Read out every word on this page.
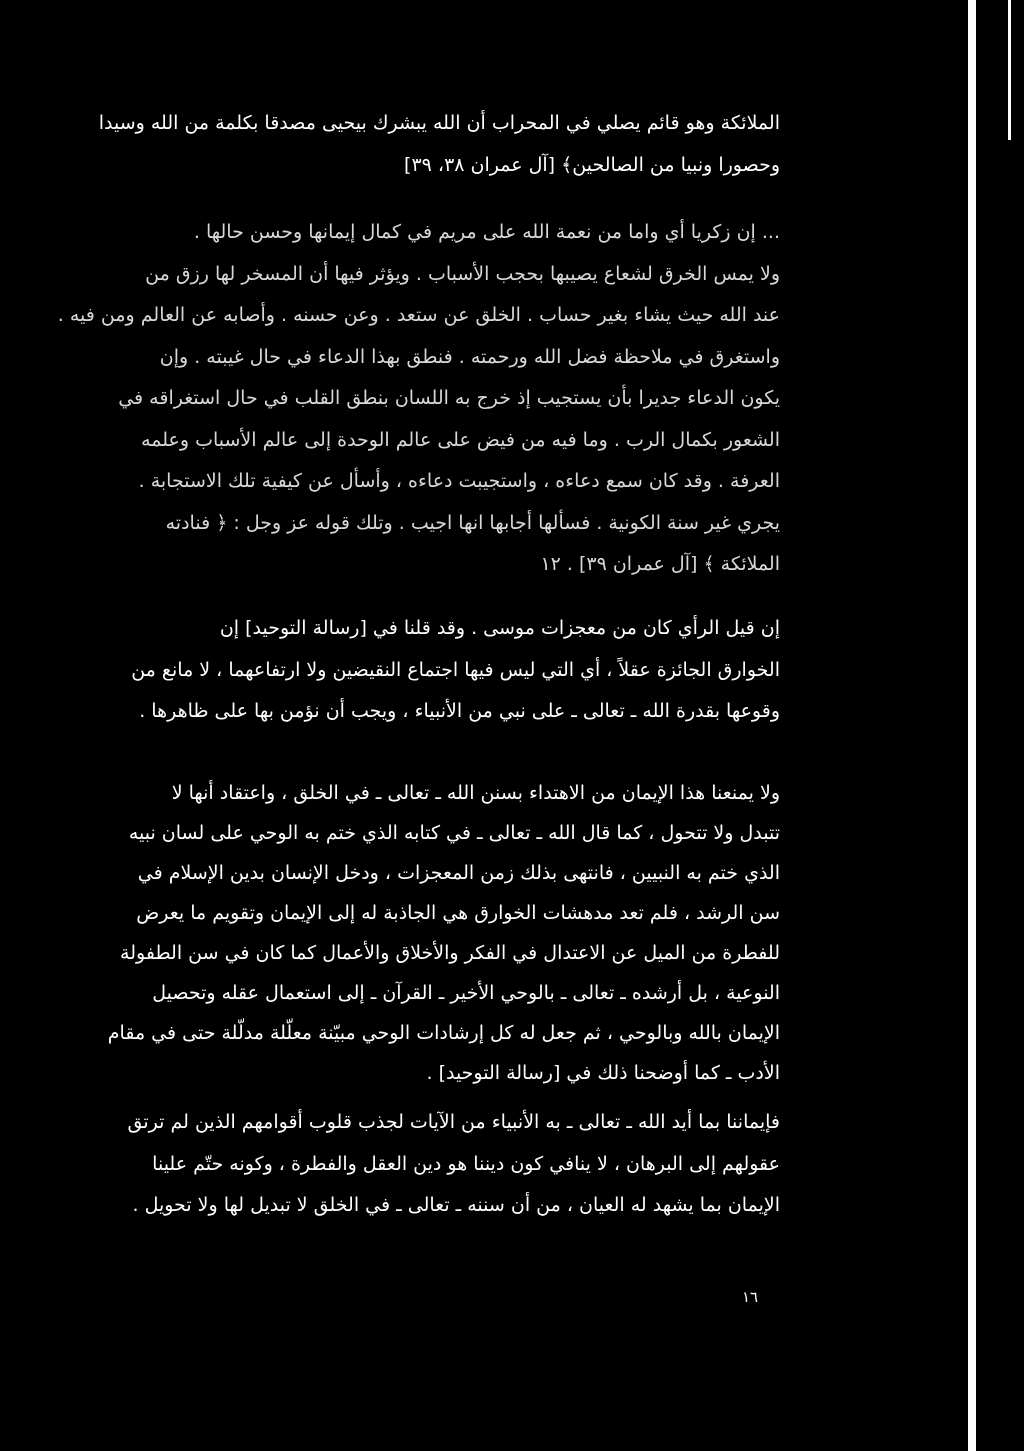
الملائكة وهو قائم يصلي في المحراب أن الله يبشرك بيحيى مصدقا بكلمة من الله وسيدا
وحصورا ونبيا من الصالحين﴾ [آل عمران ۳۸، ۳۹]
... إن زكريا أي واما من نعمة الله على مريم في كمال إيمانها وحسن حالها .
ولا يمس الخرق لشعاع يصيبها بحجب الأسباب . ويؤثر فيها أن المسخر لها رزق من
عند الله حيث يشاء بغير حساب . الخلق عن ستعد . وعن حسنه . وأصابه عن العالم ومن فيه .
واستغرق في ملاحظة فضل الله ورحمته . فنطق بهذا الدعاء في حال غيبته . وإن
يكون الدعاء جديرا بأن يستجيب إذ خرج به اللسان بنطق القلب في حال استغراقه في
الشعور بكمال الرب . وما فيه من فيض على عالم الوحدة إلى عالم الأسباب وعلمه
العرفة . وقد كان سمع دعاءه ، واستجيبت دعاءه ، وأسأل عن كيفية تلك الاستجابة .
يجري غير سنة الكونية . فسألها أجابها انها اجيب . وتلك قوله عز وجل : ﴿ فنادته
الملائكة ﴾ [آل عمران ۳۹] . ۱۲
إن قيل الرأي كان من معجزات موسى . وقد قلنا في [رسالة التوحيد] إن
الخوارق الجائزة عقلاً ، أي التي ليس فيها اجتماع النقيضين ولا ارتفاعهما ، لا مانع من
وقوعها بقدرة الله ـ تعالى ـ على نبي من الأنبياء ، ويجب أن نؤمن بها على ظاهرها .
ولا يمنعنا هذا الإيمان من الاهتداء بسنن الله ـ تعالى ـ في الخلق ، واعتقاد أنها لا
تتبدل ولا تتحول ، كما قال الله ـ تعالى ـ في كتابه الذي ختم به الوحي على لسان نبيه
الذي ختم به النبيين ، فانتهى بذلك زمن المعجزات ، ودخل الإنسان بدين الإسلام في
سن الرشد ، فلم تعد مدهشات الخوارق هي الجاذبة له إلى الإيمان وتقويم ما يعرض
للفطرة من الميل عن الاعتدال في الفكر والأخلاق والأعمال كما كان في سن الطفولة
النوعية ، بل أرشده ـ تعالى ـ بالوحي الأخير ـ القرآن ـ إلى استعمال عقله وتحصيل
الإيمان بالله وبالوحي ، ثم جعل له كل إرشادات الوحي مبيّنة معلّلة مدلّلة حتى في مقام
الأدب ـ كما أوضحنا ذلك في [رسالة التوحيد] .
فإيماننا بما أيد الله ـ تعالى ـ به الأنبياء من الآيات لجذب قلوب أقوامهم الذين لم ترتق
عقولهم إلى البرهان ، لا ينافي كون ديننا هو دين العقل والفطرة ، وكونه حتّم علينا
الإيمان بما يشهد له العيان ، من أن سننه ـ تعالى ـ في الخلق لا تبديل لها ولا تحويل .
١٦
